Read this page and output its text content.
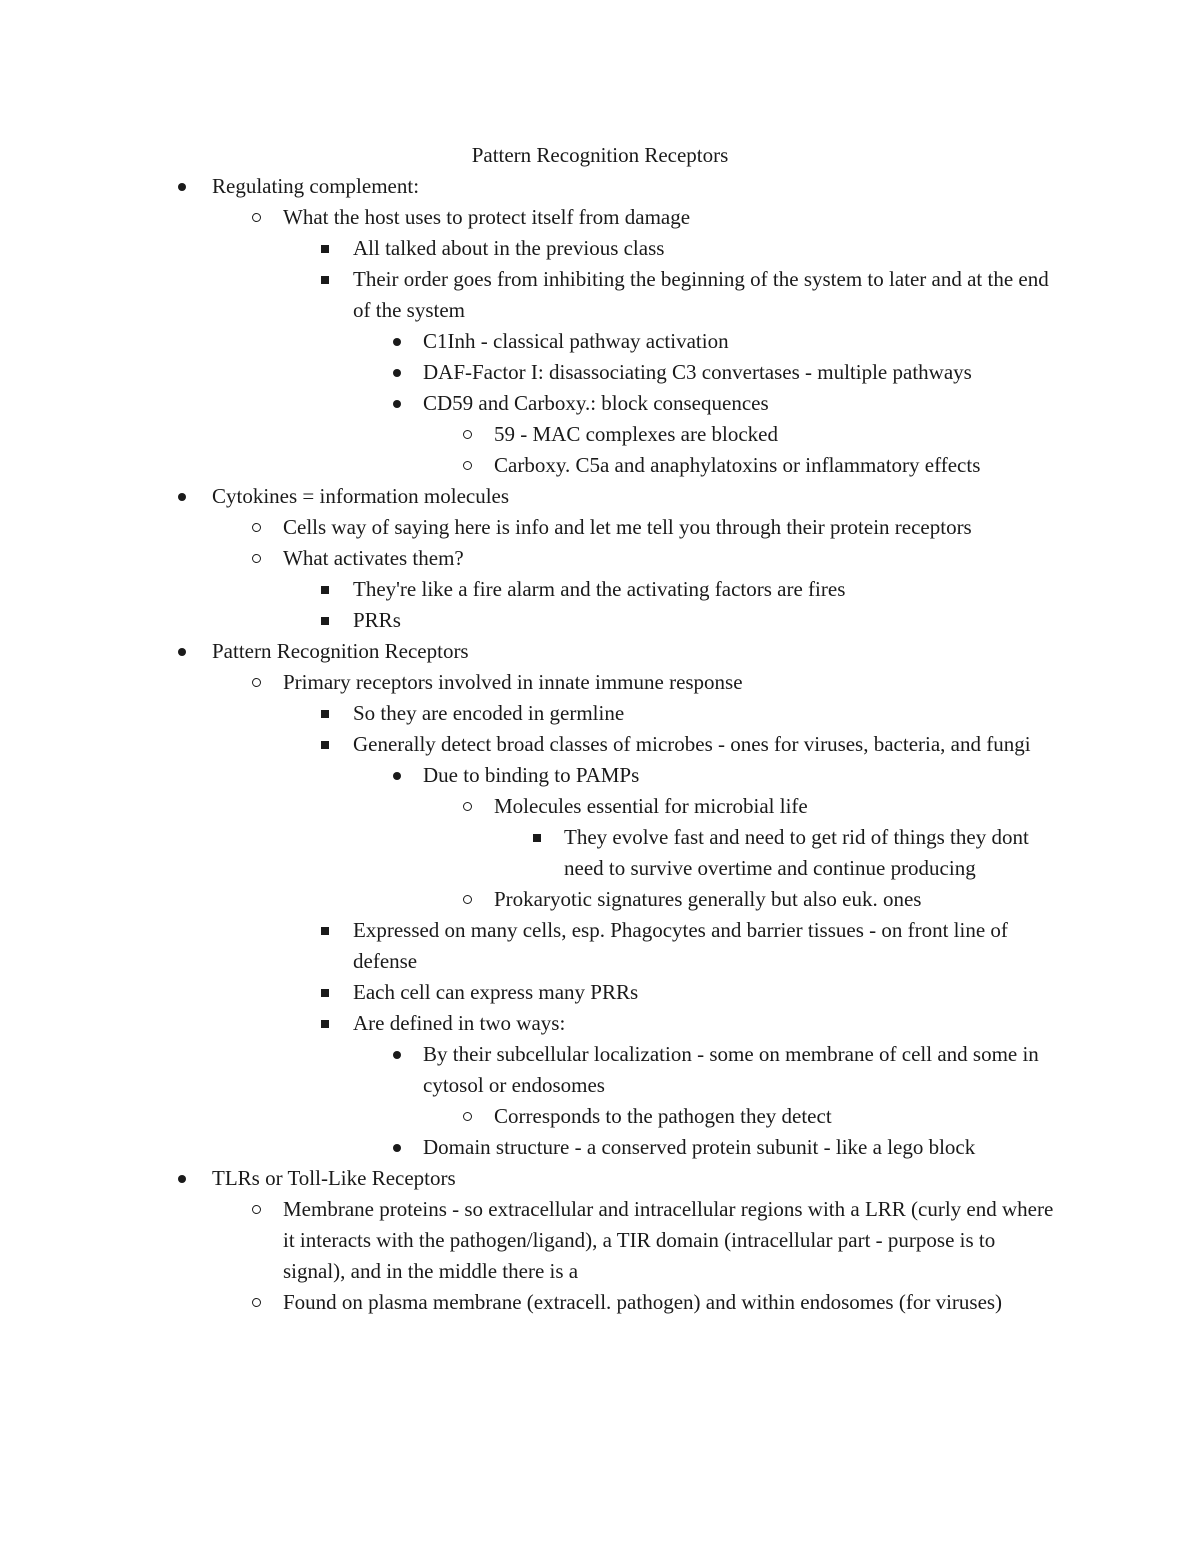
Pattern Recognition Receptors
Regulating complement:
What the host uses to protect itself from damage
All talked about in the previous class
Their order goes from inhibiting the beginning of the system to later and at the end of the system
C1Inh - classical pathway activation
DAF-Factor I: disassociating C3 convertases - multiple pathways
CD59 and Carboxy.: block consequences
59 - MAC complexes are blocked
Carboxy. C5a and anaphylatoxins or inflammatory effects
Cytokines = information molecules
Cells way of saying here is info and let me tell you through their protein receptors
What activates them?
They're like a fire alarm and the activating factors are fires
PRRs
Pattern Recognition Receptors
Primary receptors involved in innate immune response
So they are encoded in germline
Generally detect broad classes of microbes - ones for viruses, bacteria, and fungi
Due to binding to PAMPs
Molecules essential for microbial life
They evolve fast and need to get rid of things they dont need to survive overtime and continue producing
Prokaryotic signatures generally but also euk. ones
Expressed on many cells, esp. Phagocytes and barrier tissues - on front line of defense
Each cell can express many PRRs
Are defined in two ways:
By their subcellular localization - some on membrane of cell and some in cytosol or endosomes
Corresponds to the pathogen they detect
Domain structure - a conserved protein subunit - like a lego block
TLRs or Toll-Like Receptors
Membrane proteins - so extracellular and intracellular regions with a LRR (curly end where it interacts with the pathogen/ligand), a TIR domain (intracellular part - purpose is to signal), and in the middle there is a
Found on plasma membrane (extracell. pathogen) and within endosomes (for viruses)
